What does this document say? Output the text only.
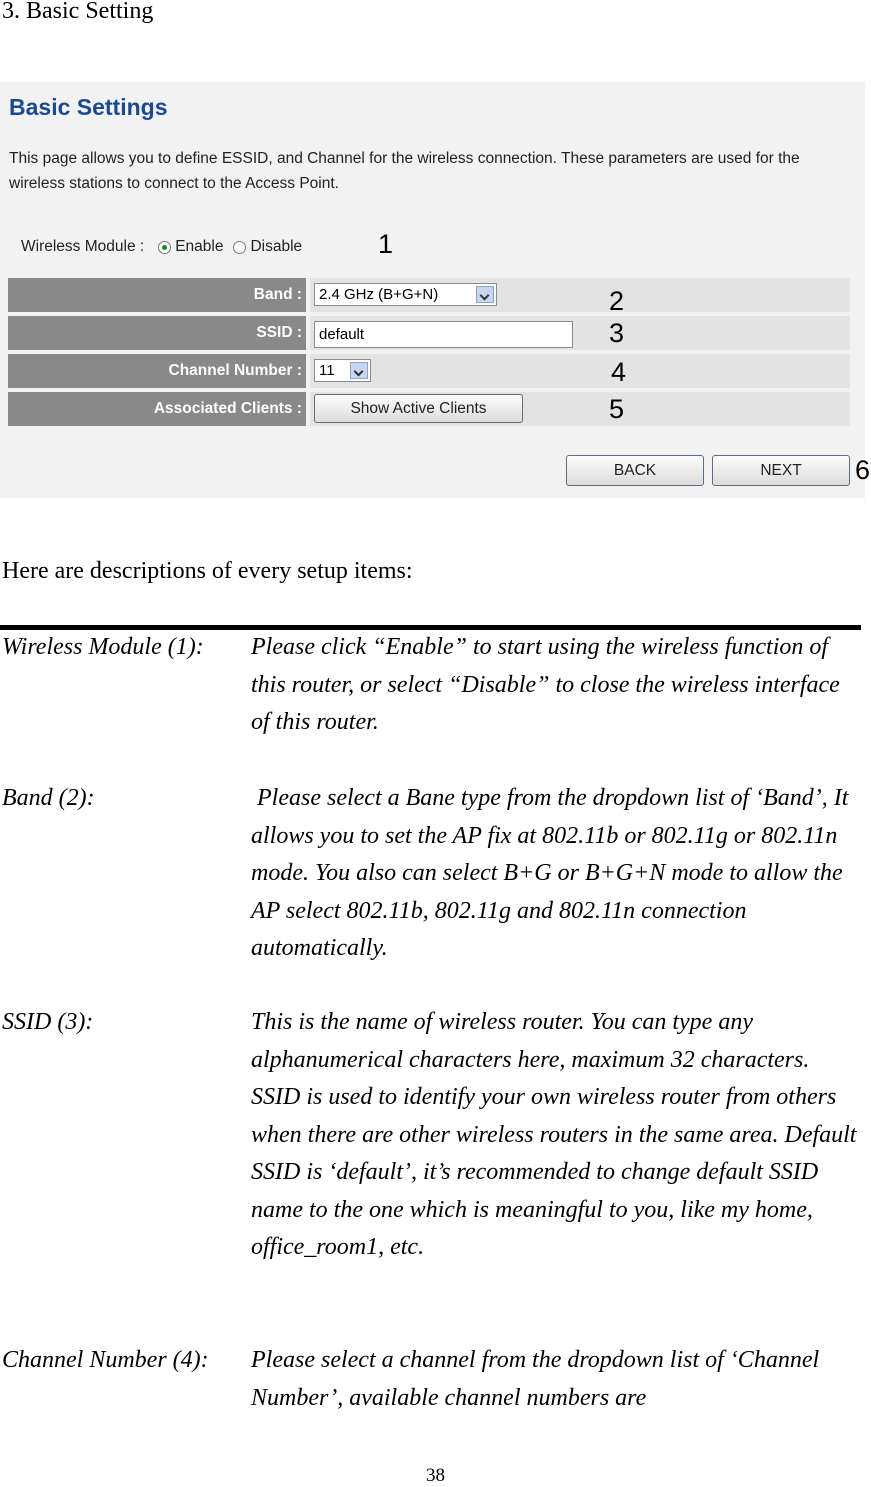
3. Basic Setting
Basic Settings
This page allows you to define ESSID, and Channel for the wireless connection. These parameters are used for the wireless stations to connect to the Access Point.
Wireless Module : Enable Disable
Band :	2.4 GHz (B+G+N)
SSID :	default
Channel Number :	11
Associated Clients :	Show Active Clients
BACK	NEXT
1
2
3
4
5
6
Here are descriptions of every setup items:
Wireless Module (1): Please click “Enable” to start using the wireless function of this router, or select “Disable” to close the wireless interface of this router.
Band (2):	Please select a Bane type from the dropdown list of ‘Band’, It allows you to set the AP fix at 802.11b or 802.11g or 802.11n mode. You also can select B+G or B+G+N mode to allow the AP select 802.11b, 802.11g and 802.11n connection automatically.
SSID (3):	This is the name of wireless router. You can type any alphanumerical characters here, maximum 32 characters. SSID is used to identify your own wireless router from others when there are other wireless routers in the same area. Default SSID is ‘default’, it’s recommended to change default SSID name to the one which is meaningful to you, like my home, office_room1, etc.
Channel Number (4): Please select a channel from the dropdown list of ‘Channel Number’, available channel numbers are
38
